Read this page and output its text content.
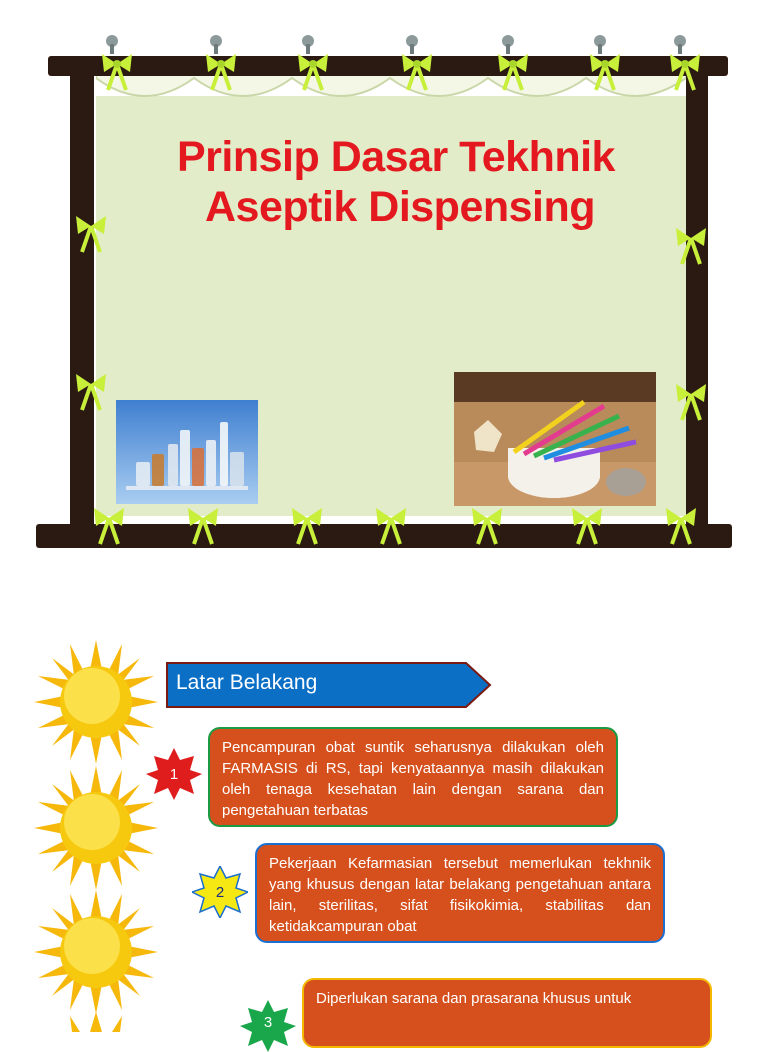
Prinsip Dasar Tekhnik
Aseptik Dispensing
Latar Belakang
1
Pencampuran obat suntik seharusnya dilakukan oleh FARMASIS di RS, tapi kenyataannya masih dilakukan oleh tenaga kesehatan lain dengan sarana dan pengetahuan terbatas
2
Pekerjaan Kefarmasian tersebut memerlukan tekhnik yang khusus dengan latar belakang pengetahuan antara lain, sterilitas, sifat fisikokimia, stabilitas dan ketidakcampuran obat
3
Diperlukan sarana dan prasarana khusus untuk
